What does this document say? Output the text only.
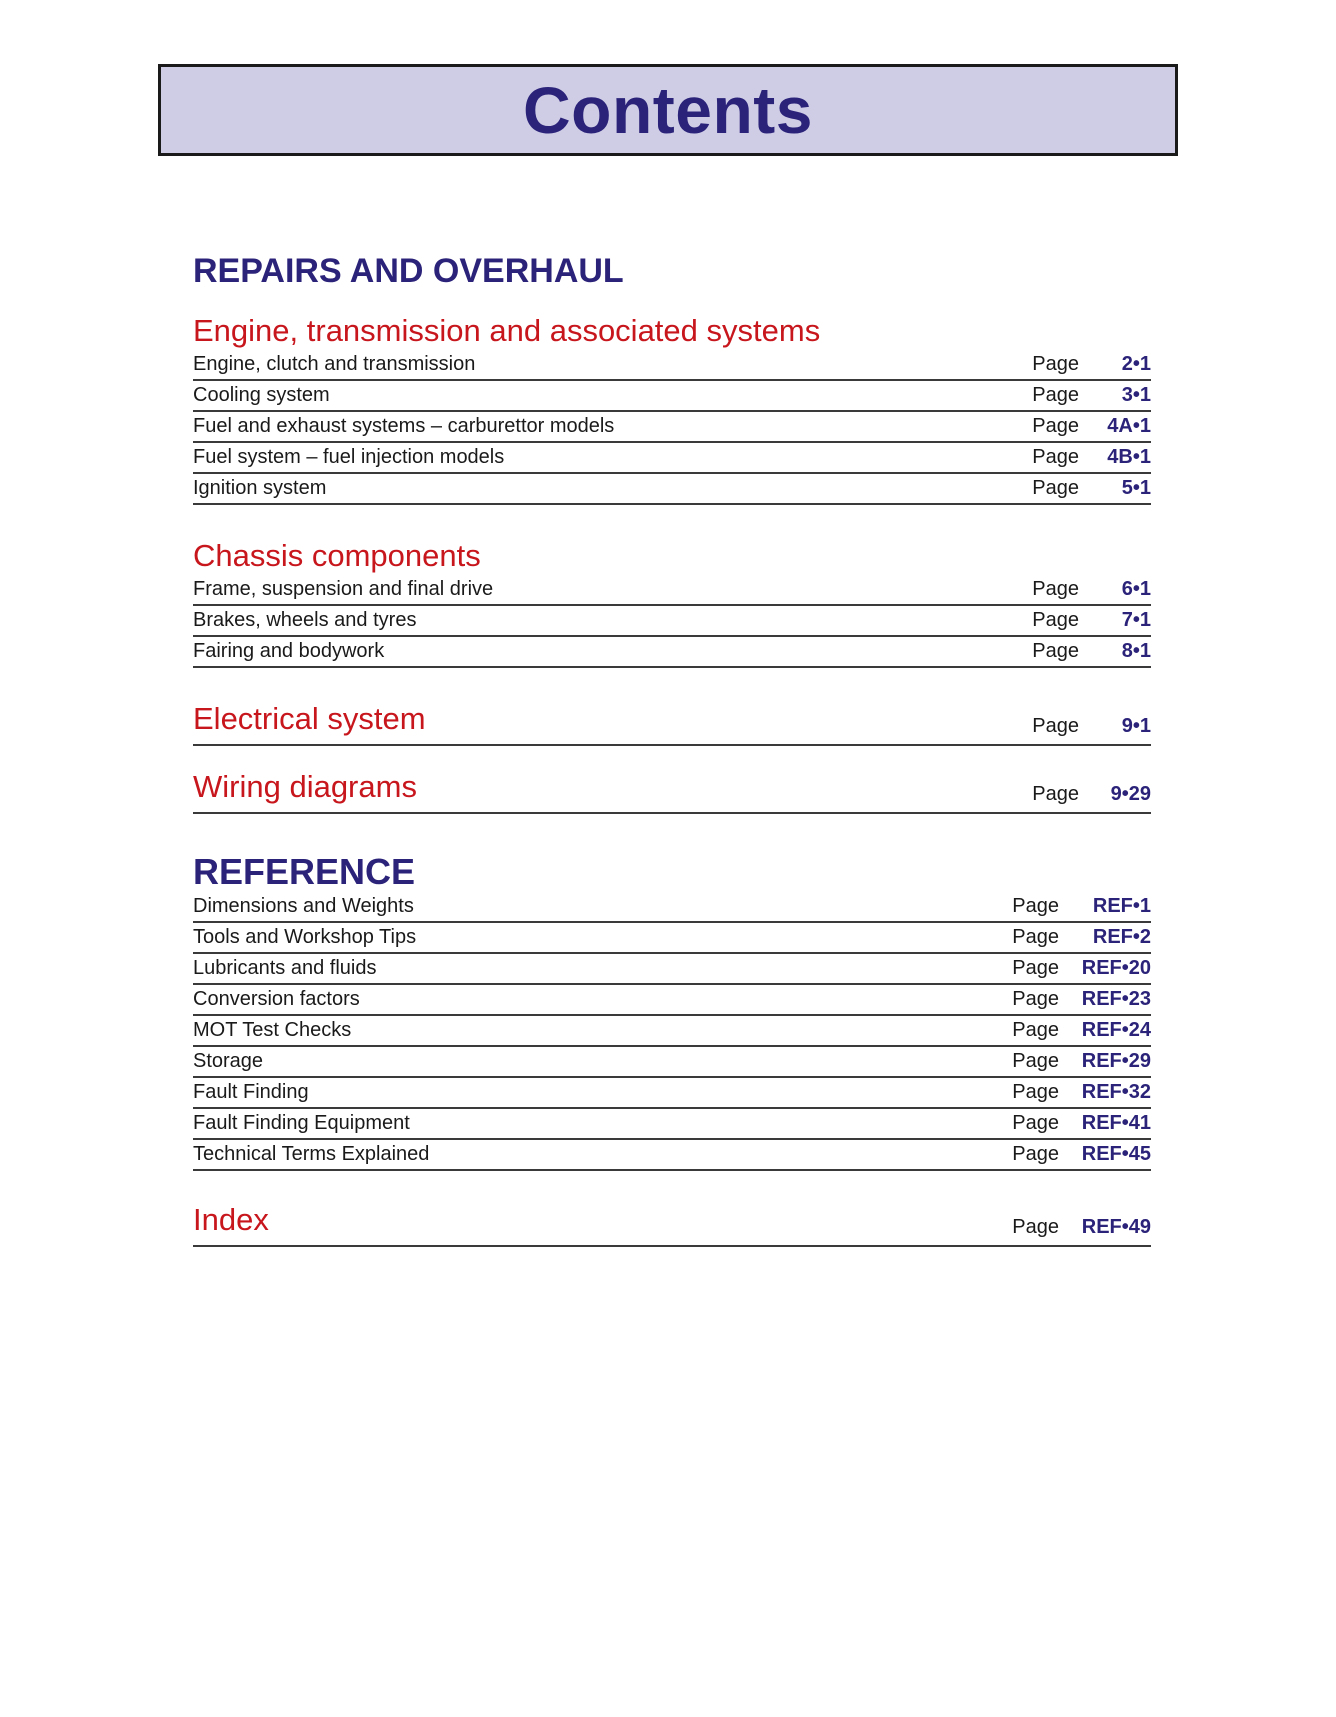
Contents
REPAIRS AND OVERHAUL
Engine, transmission and associated systems
Engine, clutch and transmission	Page	2•1
Cooling system	Page	3•1
Fuel and exhaust systems – carburettor models	Page	4A•1
Fuel system – fuel injection models	Page	4B•1
Ignition system	Page	5•1
Chassis components
Frame, suspension and final drive	Page	6•1
Brakes, wheels and tyres	Page	7•1
Fairing and bodywork	Page	8•1
Electrical system	Page	9•1
Wiring diagrams	Page	9•29
REFERENCE
Dimensions and Weights	Page	REF•1
Tools and Workshop Tips	Page	REF•2
Lubricants and fluids	Page	REF•20
Conversion factors	Page	REF•23
MOT Test Checks	Page	REF•24
Storage	Page	REF•29
Fault Finding	Page	REF•32
Fault Finding Equipment	Page	REF•41
Technical Terms Explained	Page	REF•45
Index	Page	REF•49
